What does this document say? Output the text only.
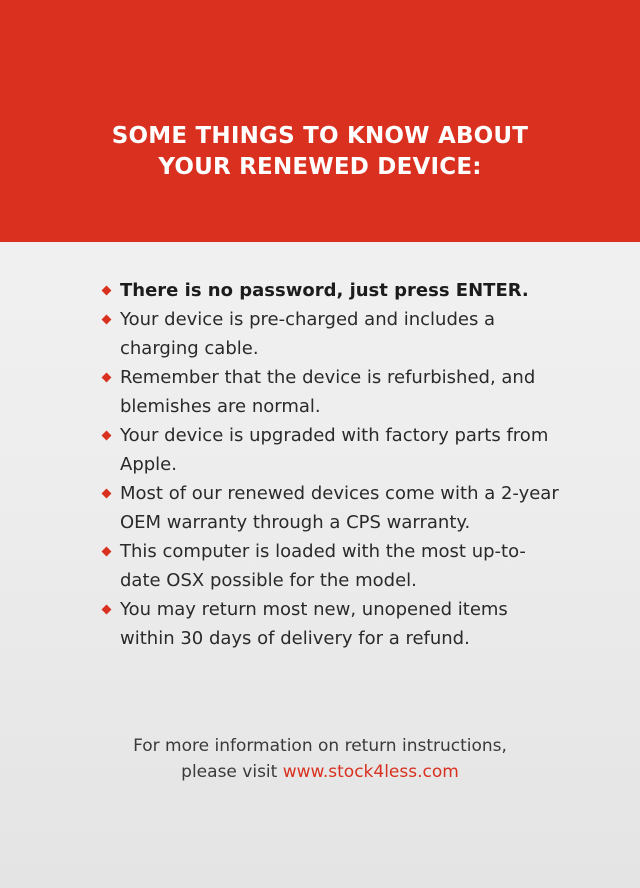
SOME THINGS TO KNOW ABOUT
YOUR RENEWED DEVICE:
There is no password, just press ENTER.
Your device is pre-charged and includes a charging cable.
Remember that the device is refurbished, and blemishes are normal.
Your device is upgraded with factory parts from Apple.
Most of our renewed devices come with a 2-year OEM warranty through a CPS warranty.
This computer is loaded with the most up-to-date OSX possible for the model.
You may return most new, unopened items within 30 days of delivery for a refund.
For more information on return instructions,
please visit www.stock4less.com
